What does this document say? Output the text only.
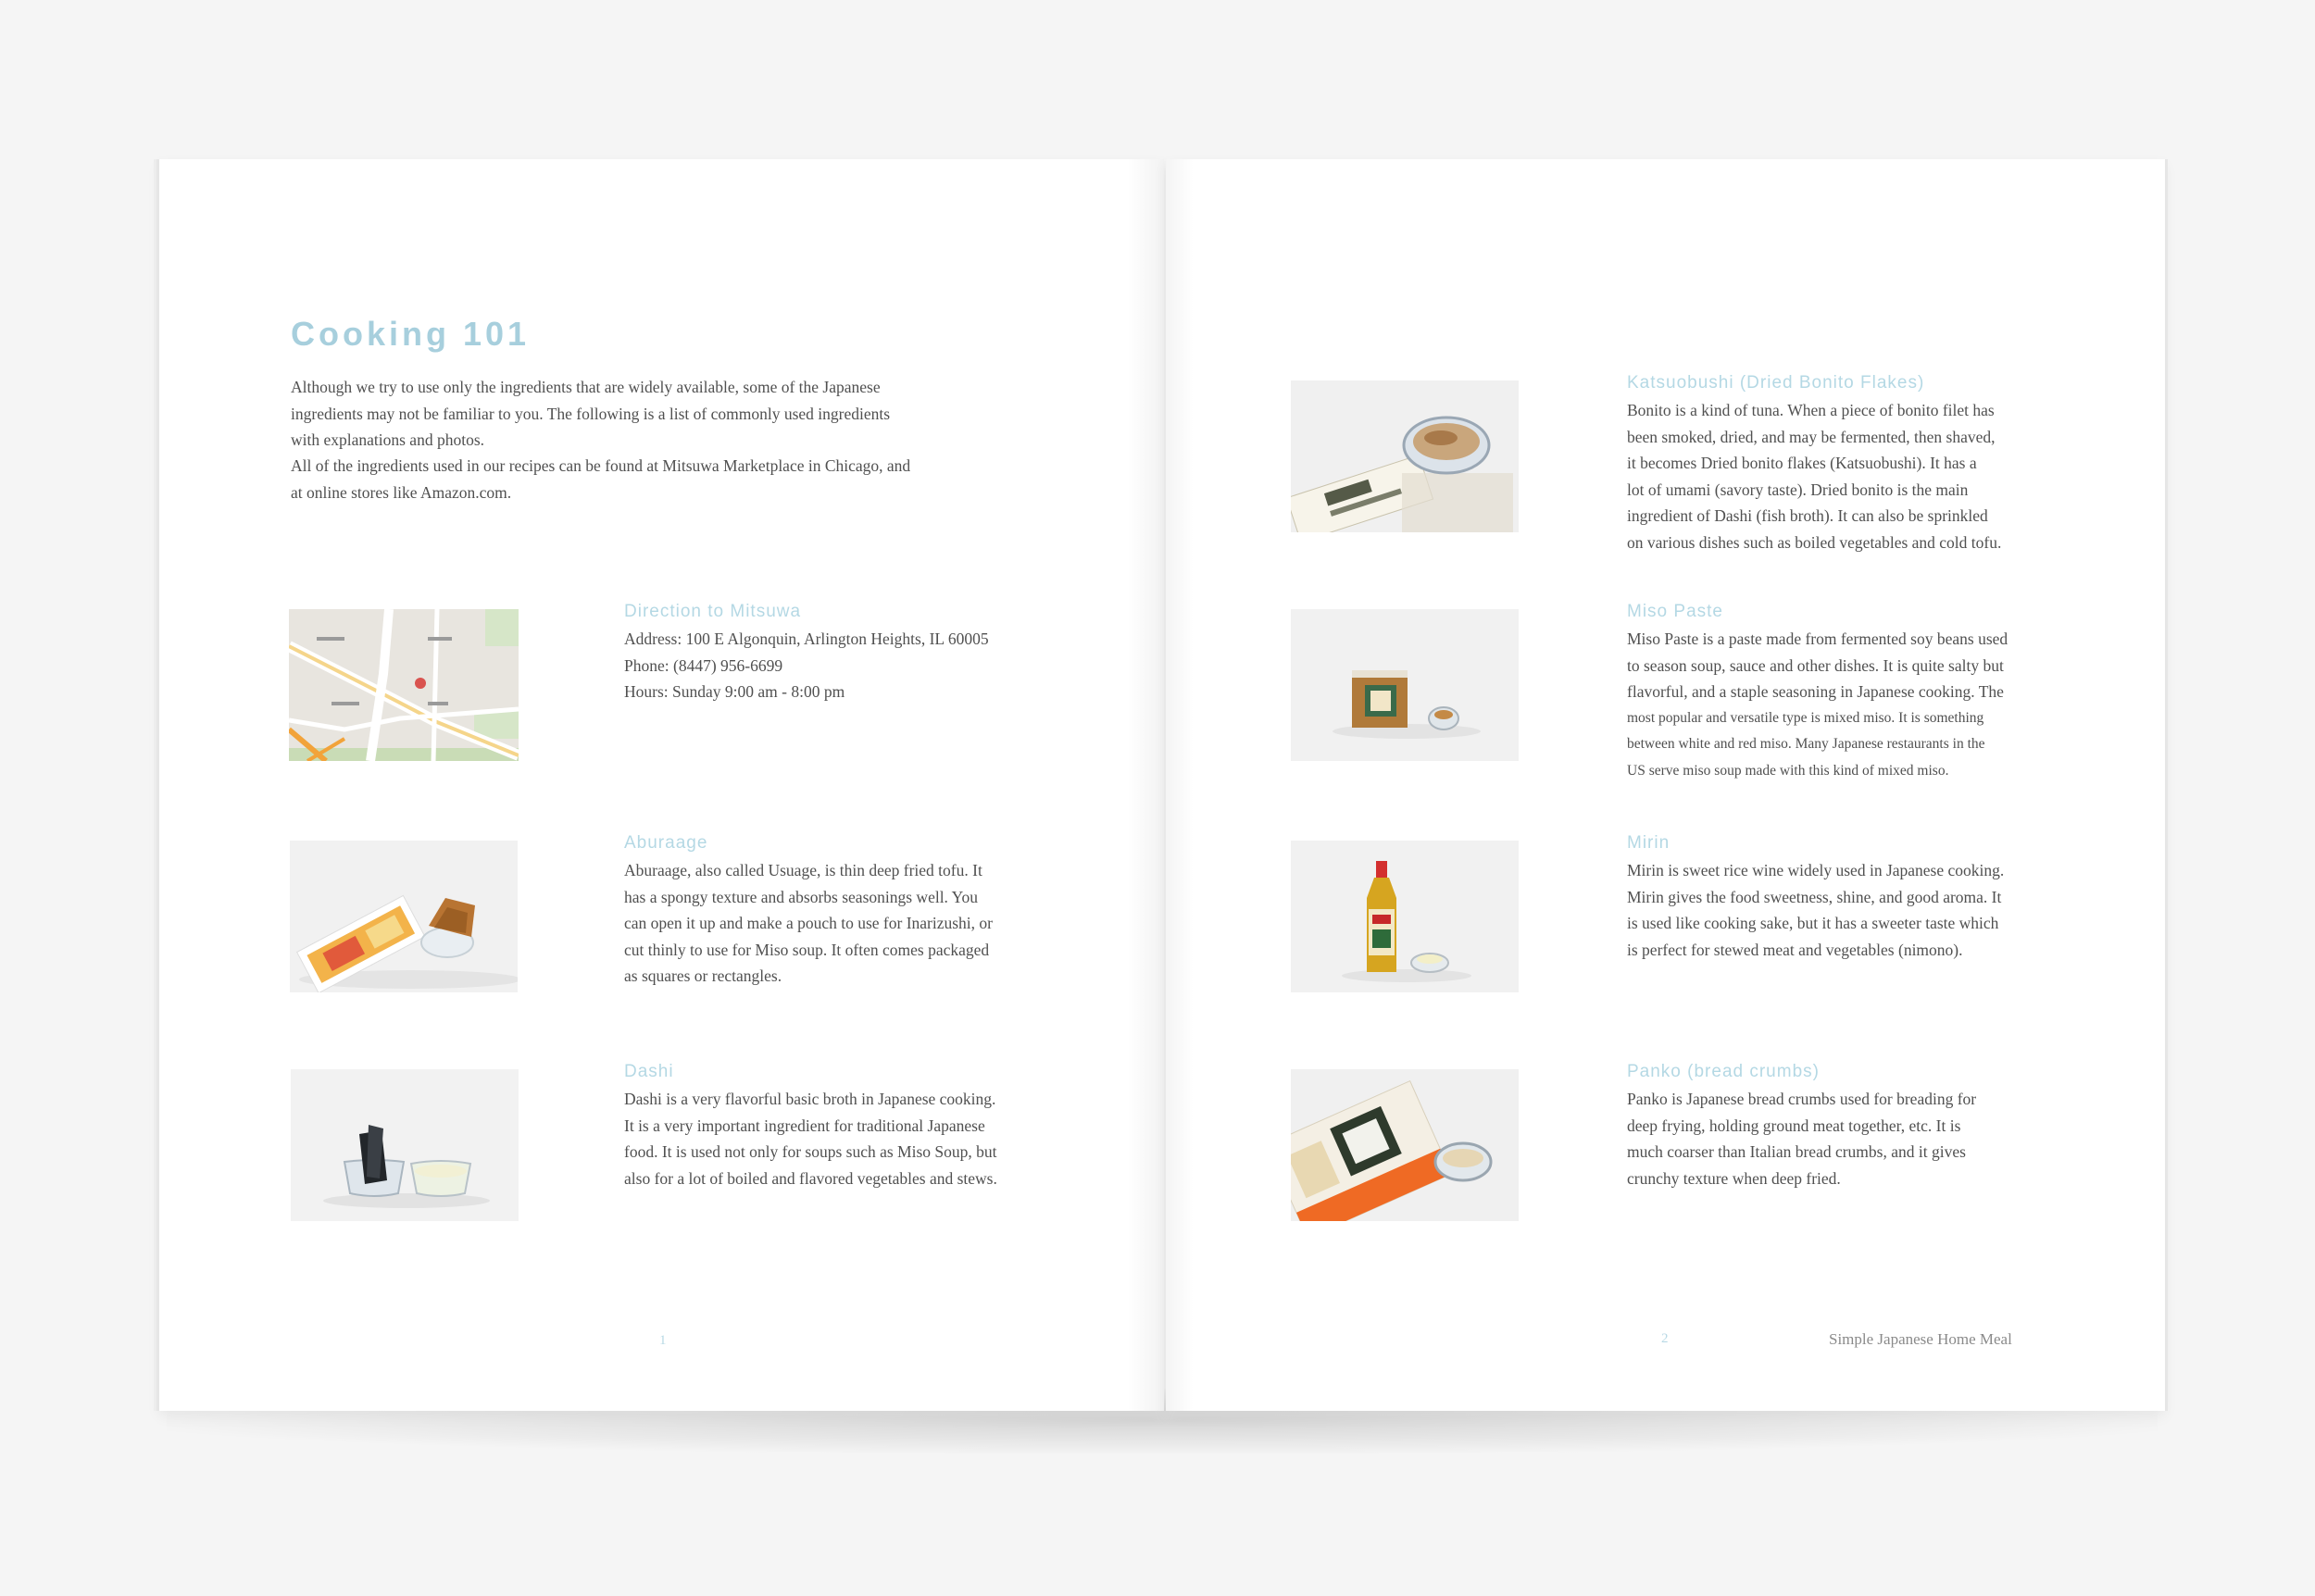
Cooking 101
Although we try to use only the ingredients that are widely available, some of the Japanese ingredients may not be familiar to you. The following is a list of commonly used ingredients with explanations and photos.
All of the ingredients used in our recipes can be found at Mitsuwa Marketplace in Chicago, and at online stores like Amazon.com.
Direction to Mitsuwa
Address: 100 E Algonquin, Arlington Heights, IL 60005
Phone: (8447) 956-6699
Hours: Sunday 9:00 am - 8:00 pm
Aburaage
Aburaage, also called Usuage, is thin deep fried tofu. It
has a spongy texture and absorbs seasonings well. You
can open it up and make a pouch to use for Inarizushi, or
cut thinly to use for Miso soup. It often comes packaged
as squares or rectangles.
Dashi
Dashi is a very flavorful basic broth in Japanese cooking.
It is a very important ingredient for traditional Japanese
food. It is used not only for soups such as Miso Soup, but
also for a lot of boiled and flavored vegetables and stews.
1
Katsuobushi (Dried Bonito Flakes)
Bonito is a kind of tuna. When a piece of bonito filet has
been smoked, dried, and may be fermented, then shaved,
it becomes Dried bonito flakes (Katsuobushi). It has a
lot of umami (savory taste). Dried bonito is the main
ingredient of Dashi (fish broth). It can also be sprinkled
on various dishes such as boiled vegetables and cold tofu.
Miso Paste
Miso Paste is a paste made from fermented soy beans used
to season soup, sauce and other dishes. It is quite salty but
flavorful, and a staple seasoning in Japanese cooking. The
most popular and versatile type is mixed miso. It is something
between white and red miso. Many Japanese restaurants in the
US serve miso soup made with this kind of mixed miso.
Mirin
Mirin is sweet rice wine widely used in Japanese cooking.
Mirin gives the food sweetness, shine, and good aroma. It
is used like cooking sake, but it has a sweeter taste which
is perfect for stewed meat and vegetables (nimono).
Panko (bread crumbs)
Panko is Japanese bread crumbs used for breading for
deep frying, holding ground meat together, etc. It is
much coarser than Italian bread crumbs, and it gives
crunchy texture when deep fried.
2	Simple Japanese Home Meal
